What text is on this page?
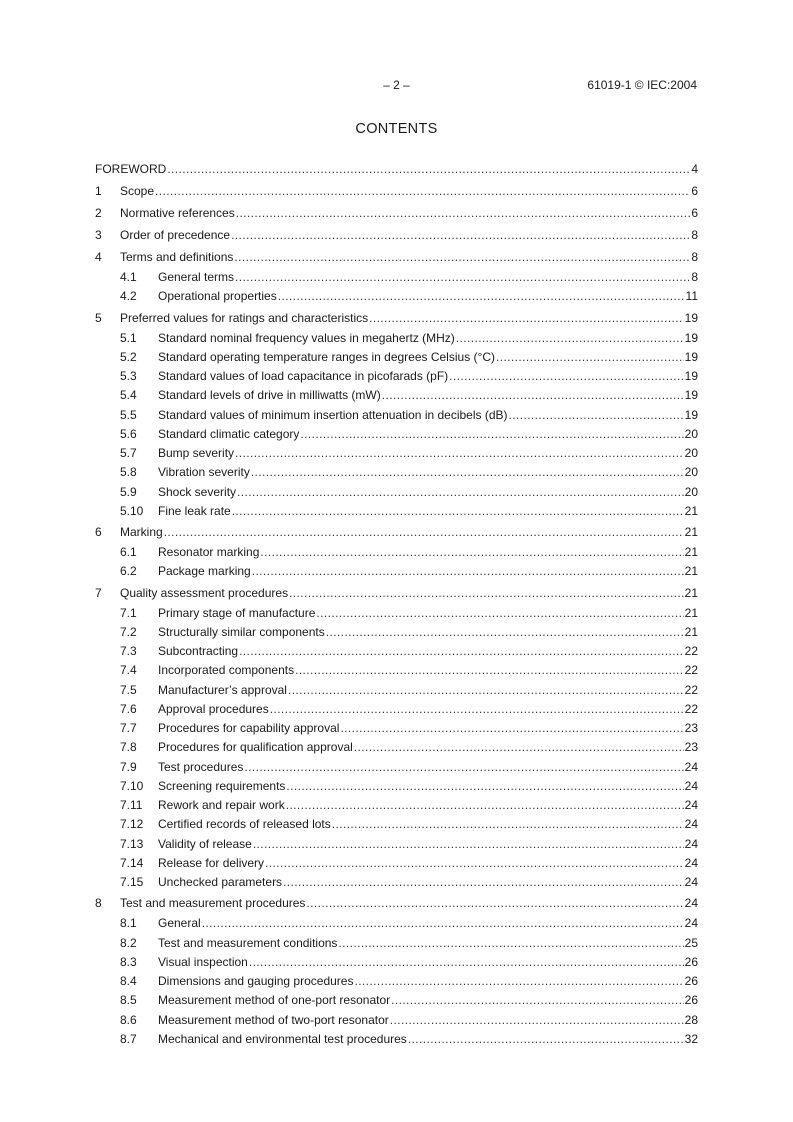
– 2 –	61019-1 © IEC:2004
CONTENTS
FOREWORD .....	4
1 Scope .....	6
2 Normative references .....	6
3 Order of precedence .....	8
4 Terms and definitions .....	8
4.1 General terms .....	8
4.2 Operational properties .....	11
5 Preferred values for ratings and characteristics .....	19
5.1 Standard nominal frequency values in megahertz (MHz) .....	19
5.2 Standard operating temperature ranges in degrees Celsius (°C) .....	19
5.3 Standard values of load capacitance in picofarads (pF) .....	19
5.4 Standard levels of drive in milliwatts (mW) .....	19
5.5 Standard values of minimum insertion attenuation in decibels (dB) .....	19
5.6 Standard climatic category .....	20
5.7 Bump severity .....	20
5.8 Vibration severity .....	20
5.9 Shock severity .....	20
5.10 Fine leak rate .....	21
6 Marking .....	21
6.1 Resonator marking .....	21
6.2 Package marking .....	21
7 Quality assessment procedures .....	21
7.1 Primary stage of manufacture .....	21
7.2 Structurally similar components .....	21
7.3 Subcontracting .....	22
7.4 Incorporated components .....	22
7.5 Manufacturer’s approval .....	22
7.6 Approval procedures .....	22
7.7 Procedures for capability approval .....	23
7.8 Procedures for qualification approval .....	23
7.9 Test procedures .....	24
7.10 Screening requirements .....	24
7.11 Rework and repair work .....	24
7.12 Certified records of released lots .....	24
7.13 Validity of release .....	24
7.14 Release for delivery .....	24
7.15 Unchecked parameters .....	24
8 Test and measurement procedures .....	24
8.1 General .....	24
8.2 Test and measurement conditions .....	25
8.3 Visual inspection .....	26
8.4 Dimensions and gauging procedures .....	26
8.5 Measurement method of one-port resonator .....	26
8.6 Measurement method of two-port resonator .....	28
8.7 Mechanical and environmental test procedures .....	32
